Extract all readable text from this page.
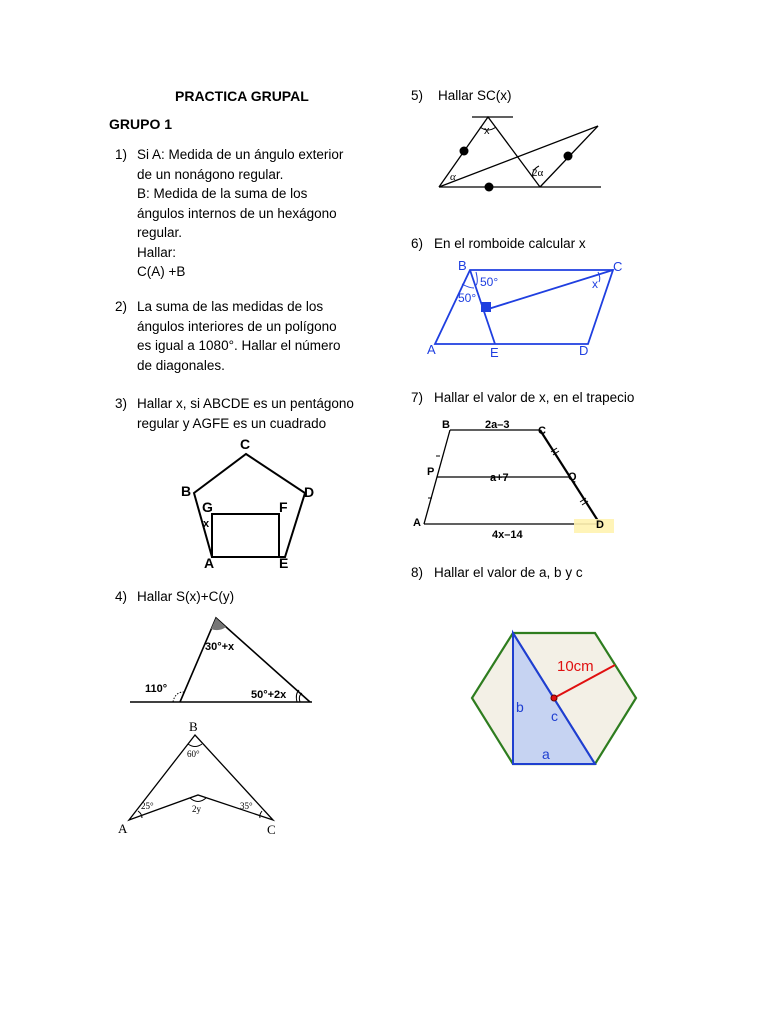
PRACTICA GRUPAL
GRUPO 1
1) Si A: Medida de un ángulo exterior
de un nonágono regular.
B: Medida de la suma de los
ángulos internos de un hexágono
regular.
Hallar:
C(A) +B
2) La suma de las medidas de los
ángulos interiores de un polígono
es igual a 1080°. Hallar el número
de diagonales.
3) Hallar x, si ABCDE es un pentágono
regular y AGFE es un cuadrado
C
B	D
G	F
x
A	E
4) Hallar S(x)+C(y)
30°+x
110°	50°+2x
B
60°
25°	2y	35°
A	C
5) Hallar SC(x)
x
α	2α
6) En el romboide calcular x
B	C
50°
50°
x
A	E	D
7) Hallar el valor de x, en el trapecio
B	2a–3	C
P	a+7	Q
A
4x–14
D
8) Hallar el valor de a, b y c
10cm
b
c
a
